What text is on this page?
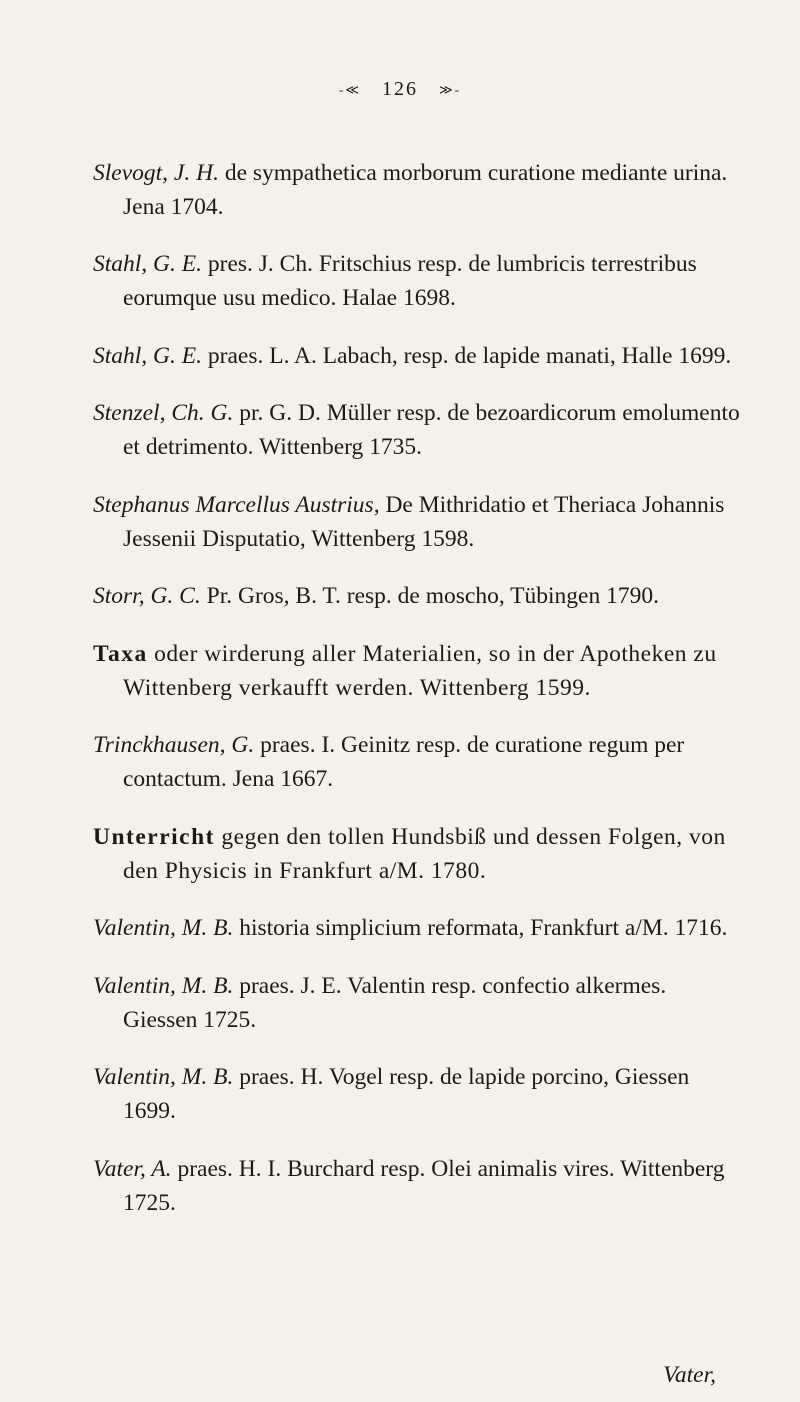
-≪ 126 ≫-

Slevogt, J. H. de sympathetica morborum curatione mediante urina. Jena 1704.

Stahl, G. E. pres. J. Ch. Fritschius resp. de lumbricis terrestribus eorumque usu medico. Halae 1698.

Stahl, G. E. praes. L. A. Labach, resp. de lapide manati, Halle 1699.

Stenzel, Ch. G. pr. G. D. Müller resp. de bezoardicorum emolumento et detrimento. Wittenberg 1735.

Stephanus Marcellus Austrius, De Mithridatio et Theriaca Johannis Jessenii Disputatio, Wittenberg 1598.

Storr, G. C. Pr. Gros, B. T. resp. de moscho, Tübingen 1790.

Taxa oder wirderung aller Materialien, so in der Apotheken zu Wittenberg verkaufft werden. Wittenberg 1599.

Trinckhausen, G. praes. I. Geinitz resp. de curatione regum per contactum. Jena 1667.

Unterricht gegen den tollen Hundsbiß und dessen Folgen, von den Physicis in Frankfurt a/M. 1780.

Valentin, M. B. historia simplicium reformata, Frankfurt a/M. 1716.

Valentin, M. B. praes. J. E. Valentin resp. confectio alkermes. Giessen 1725.

Valentin, M. B. praes. H. Vogel resp. de lapide porcino, Giessen 1699.

Vater, A. praes. H. I. Burchard resp. Olei animalis vires. Wittenberg 1725.

Vater,
